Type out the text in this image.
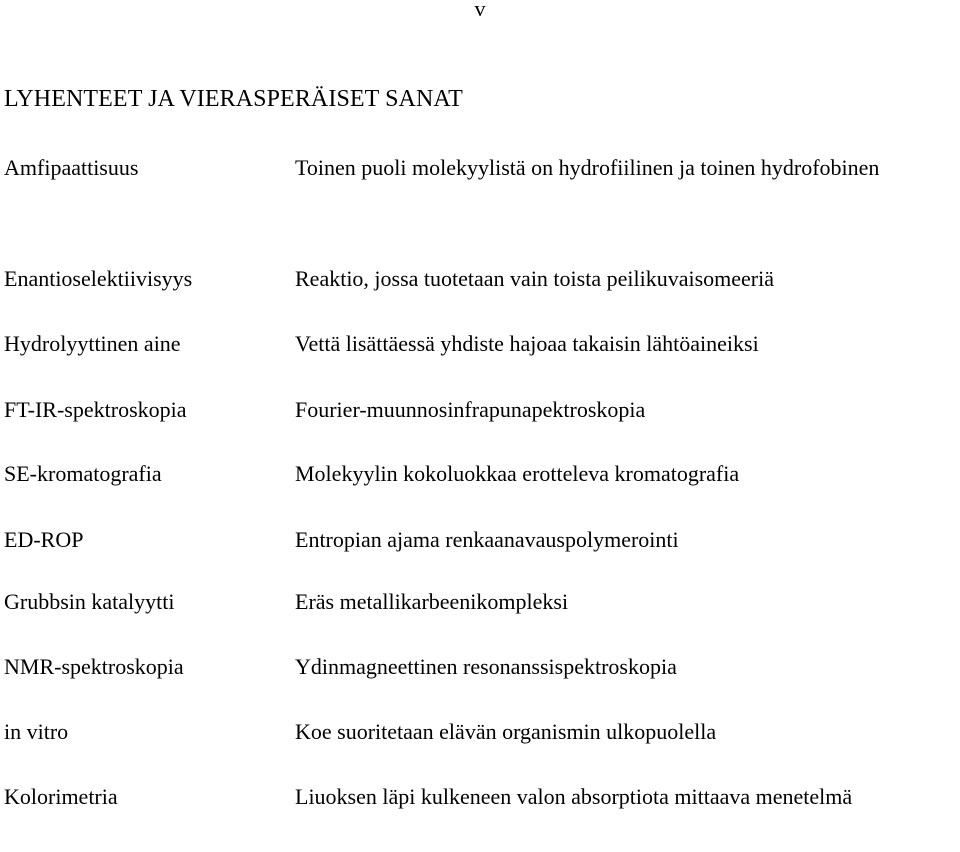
v
LYHENTEET JA VIERASPERÄISET SANAT
Amfipaattisuus	Toinen puoli molekyylistä on hydrofiilinen ja toinen hydrofobinen
Enantioselektiivisyys	Reaktio, jossa tuotetaan vain toista peilikuvaisomeeriä
Hydrolyyttinen aine	Vettä lisättäessä yhdiste hajoaa takaisin lähtöaineiksi
FT-IR-spektroskopia	Fourier-muunnosinfrapunapektroskopia
SE-kromatografia	Molekyylin kokoluokkaa erotteleva kromatografia
ED-ROP	Entropian ajama renkaanavauspolymerointi
Grubbsin katalyytti	Eräs metallikarbeenikompleksi
NMR-spektroskopia	Ydinmagneettinen resonanssispektroskopia
in vitro	Koe suoritetaan elävän organismin ulkopuolella
Kolorimetria	Liuoksen läpi kulkeneen valon absorptiota mittaava menetelmä
